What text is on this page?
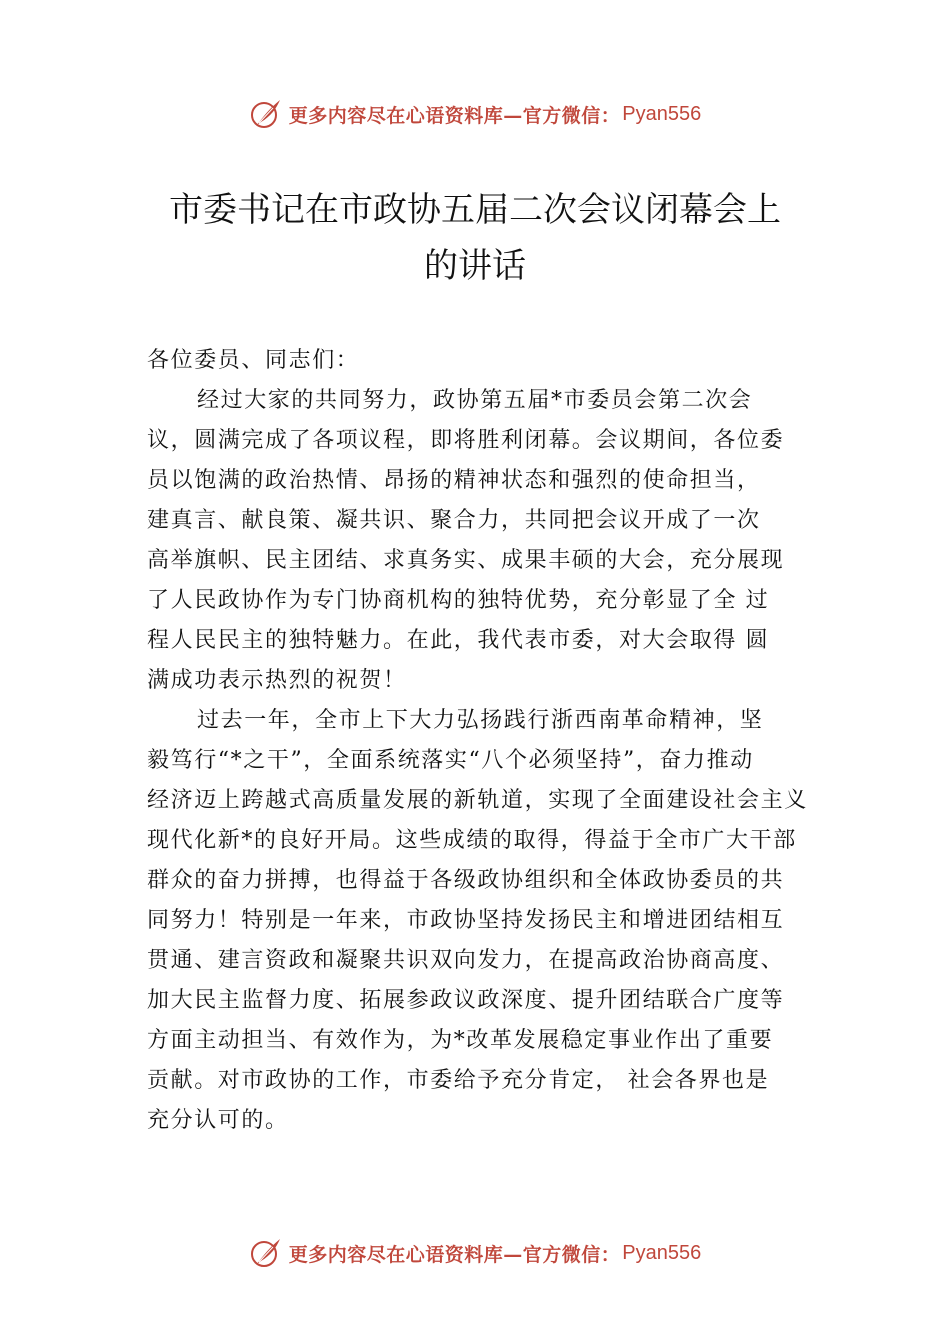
更多内容尽在心语资料库—官方微信： Pyan556
市委书记在市政协五届二次会议闭幕会上
的讲话
各位委员、同志们：
经过大家的共同努力，政协第五届*市委员会第二次会
议，圆满完成了各项议程，即将胜利闭幕。会议期间，各位委
员以饱满的政治热情、昂扬的精神状态和强烈的使命担当，
建真言、献良策、凝共识、聚合力，共同把会议开成了一次
高举旗帜、民主团结、求真务实、成果丰硕的大会，充分展现
了人民政协作为专门协商机构的独特优势，充分彰显了全 过
程人民民主的独特魅力。在此，我代表市委，对大会取得 圆
满成功表示热烈的祝贺！
过去一年，全市上下大力弘扬践行浙西南革命精神，坚
毅笃行“*之干”，全面系统落实“八个必须坚持”，奋力推动
经济迈上跨越式高质量发展的新轨道，实现了全面建设社会主义
现代化新*的良好开局。这些成绩的取得，得益于全市广大干部
群众的奋力拼搏，也得益于各级政协组织和全体政协委员的共
同努力！特别是一年来，市政协坚持发扬民主和增进团结相互
贯通、建言资政和凝聚共识双向发力，在提高政治协商高度、
加大民主监督力度、拓展参政议政深度、提升团结联合广度等
方面主动担当、有效作为，为*改革发展稳定事业作出了重要
贡献。对市政协的工作，市委给予充分肯定， 社会各界也是
充分认可的。
更多内容尽在心语资料库—官方微信： Pyan556
